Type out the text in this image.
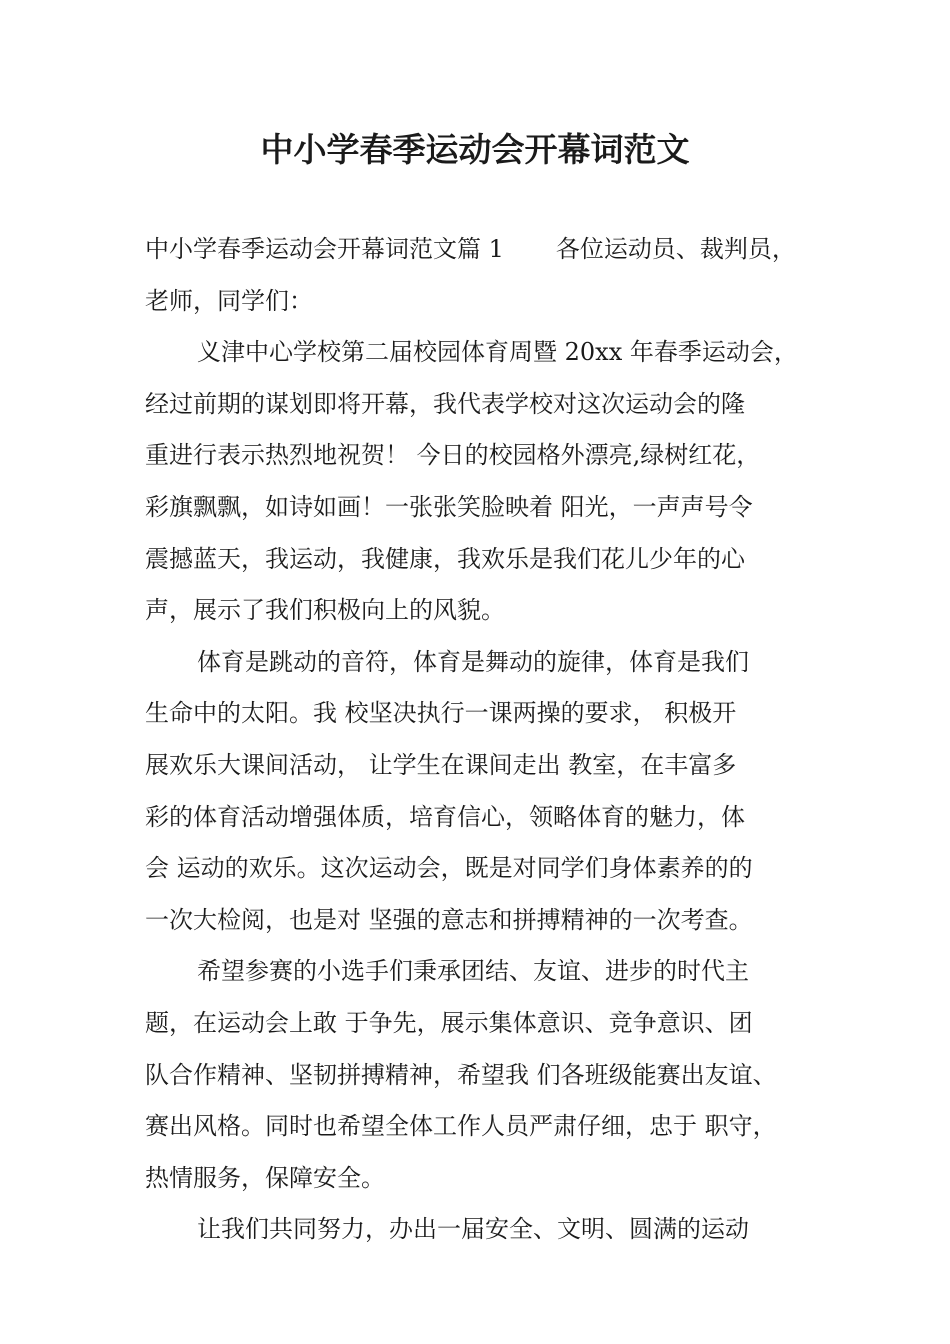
中小学春季运动会开幕词范文
中小学春季运动会开幕词范文篇 1 各位运动员、裁判员，
老师，同学们：
义津中心学校第二届校园体育周暨 20xx 年春季运动会，
经过前期的谋划即将开幕，我代表学校对这次运动会的隆
重进行表示热烈地祝贺！ 今日的校园格外漂亮,绿树红花，
彩旗飘飘，如诗如画！一张张笑脸映着 阳光，一声声号令
震撼蓝天，我运动，我健康，我欢乐是我们花儿少年的心
声，展示了我们积极向上的风貌。
体育是跳动的音符，体育是舞动的旋律，体育是我们
生命中的太阳。我 校坚决执行一课两操的要求， 积极开
展欢乐大课间活动， 让学生在课间走出 教室，在丰富多
彩的体育活动增强体质，培育信心，领略体育的魅力，体
会 运动的欢乐。这次运动会，既是对同学们身体素养的的
一次大检阅，也是对 坚强的意志和拼搏精神的一次考查。
希望参赛的小选手们秉承团结、友谊、进步的时代主
题，在运动会上敢 于争先，展示集体意识、竞争意识、团
队合作精神、坚韧拼搏精神，希望我 们各班级能赛出友谊、
赛出风格。同时也希望全体工作人员严肃仔细，忠于 职守，
热情服务，保障安全。
让我们共同努力，办出一届安全、文明、圆满的运动
